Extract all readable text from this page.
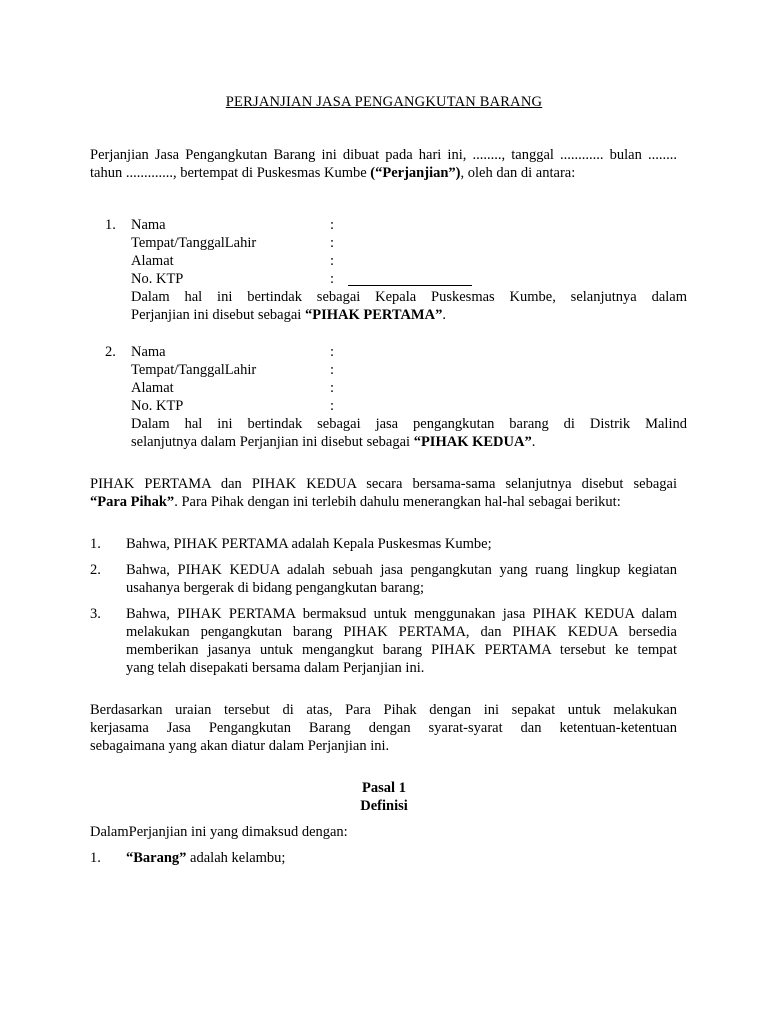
PERJANJIAN JASA PENGANGKUTAN BARANG
Perjanjian Jasa Pengangkutan Barang ini dibuat pada hari ini, ........, tanggal ............ bulan ........
tahun ............., bertempat di Puskesmas Kumbe (“Perjanjian”), oleh dan di antara:
1. Nama	:
Tempat/TanggalLahir	:
Alamat	:
No. KTP	:
Dalam hal ini bertindak sebagai Kepala Puskesmas Kumbe, selanjutnya dalam
Perjanjian ini disebut sebagai “PIHAK PERTAMA”.
2. Nama	:
Tempat/TanggalLahir	:
Alamat	:
No. KTP	:
Dalam hal ini bertindak sebagai jasa pengangkutan barang di Distrik Malind
selanjutnya dalam Perjanjian ini disebut sebagai “PIHAK KEDUA”.
PIHAK PERTAMA dan PIHAK KEDUA secara bersama-sama selanjutnya disebut sebagai
“Para Pihak”. Para Pihak dengan ini terlebih dahulu menerangkan hal-hal sebagai berikut:
1. Bahwa, PIHAK PERTAMA adalah Kepala Puskesmas Kumbe;
2. Bahwa, PIHAK KEDUA adalah sebuah jasa pengangkutan yang ruang lingkup kegiatan
usahanya bergerak di bidang pengangkutan barang;
3. Bahwa, PIHAK PERTAMA bermaksud untuk menggunakan jasa PIHAK KEDUA dalam
melakukan pengangkutan barang PIHAK PERTAMA, dan PIHAK KEDUA bersedia
memberikan jasanya untuk mengangkut barang PIHAK PERTAMA tersebut ke tempat
yang telah disepakati bersama dalam Perjanjian ini.
Berdasarkan uraian tersebut di atas, Para Pihak dengan ini sepakat untuk melakukan
kerjasama Jasa Pengangkutan Barang dengan syarat-syarat dan ketentuan-ketentuan
sebagaimana yang akan diatur dalam Perjanjian ini.
Pasal 1
Definisi
DalamPerjanjian ini yang dimaksud dengan:
1. “Barang” adalah kelambu;
